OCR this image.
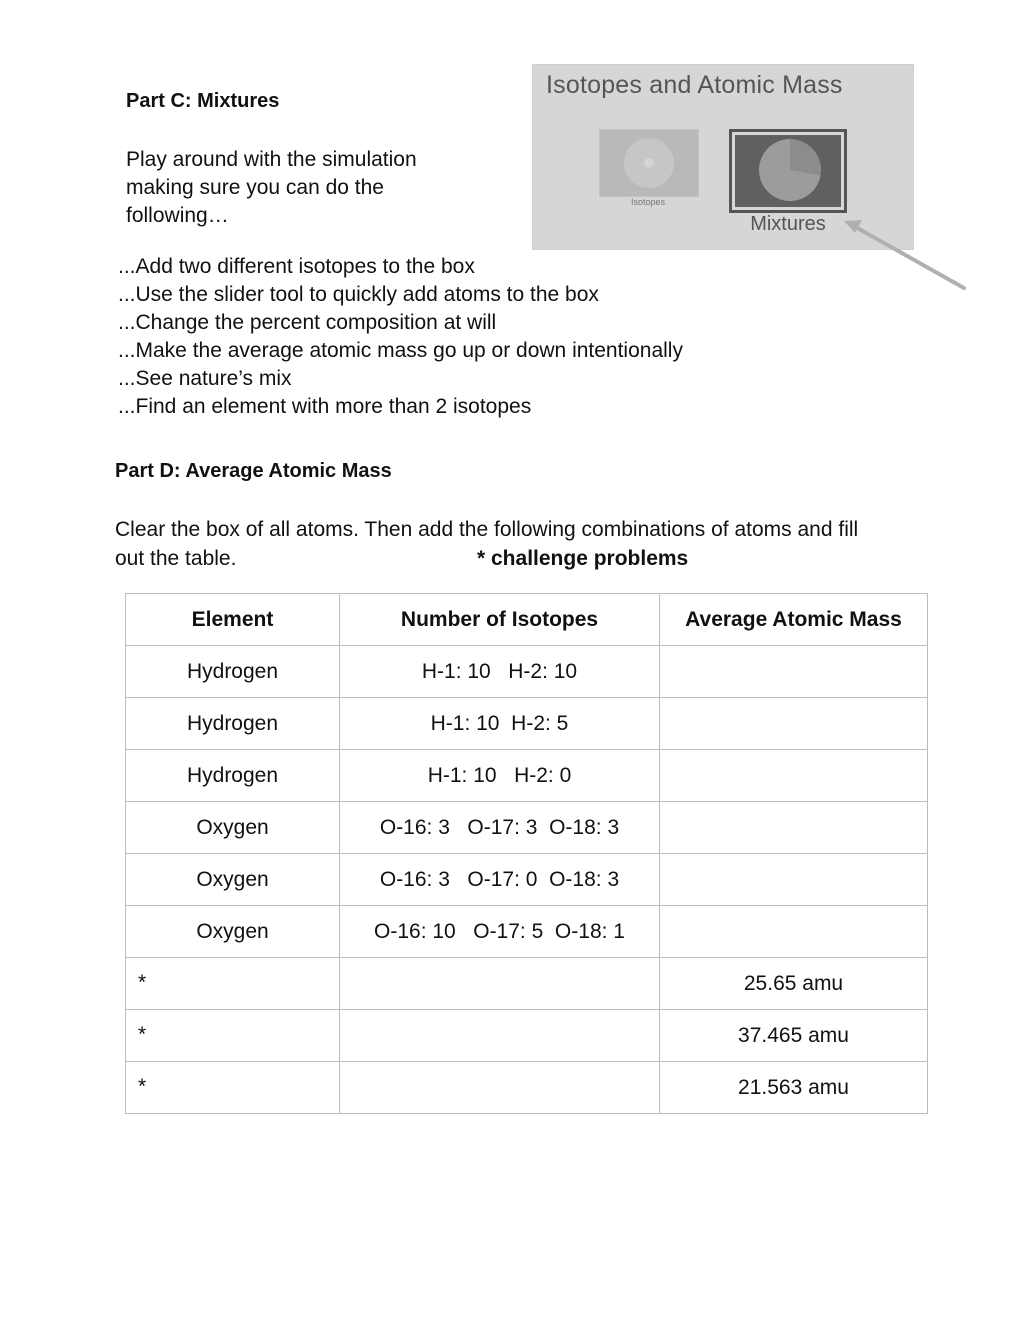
Part C: Mixtures
Play around with the simulation
making sure you can do the
following…
Isotopes and Atomic Mass
Isotopes
Mixtures
...Add two different isotopes to the box
...Use the slider tool to quickly add atoms to the box
...Change the percent composition at will
...Make the average atomic mass go up or down intentionally
...See nature’s mix
...Find an element with more than 2 isotopes
Part D: Average Atomic Mass
Clear the box of all atoms. Then add the following combinations of atoms and fill
out the table.	* challenge problems
Element	Number of Isotopes	Average Atomic Mass
Hydrogen	H-1: 10   H-2: 10	
Hydrogen	H-1: 10  H-2: 5	
Hydrogen	H-1: 10   H-2: 0	
Oxygen	O-16: 3   O-17: 3  O-18: 3	
Oxygen	O-16: 3   O-17: 0  O-18: 3	
Oxygen	O-16: 10   O-17: 5  O-18: 1	
*		25.65 amu
*		37.465 amu
*		21.563 amu
